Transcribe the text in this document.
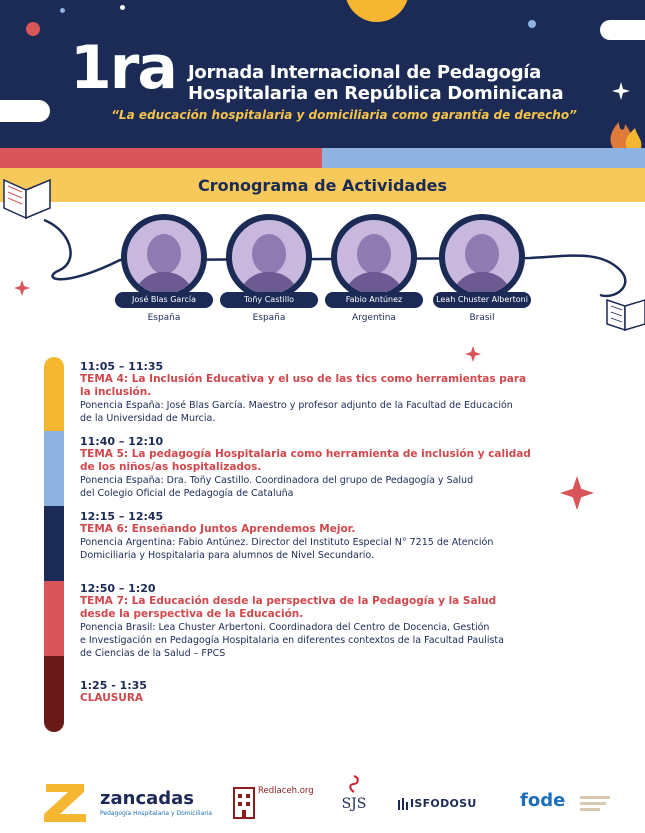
1ra Jornada Internacional de Pedagogía
Hospitalaria en República Dominicana
“La educación hospitalaria y domiciliaria como garantía de derecho”
Cronograma de Actividades
José Blas García
España
Toñy Castillo
España
Fabio Antúnez
Argentina
Leah Chuster Albertoni
Brasil
11:05 – 11:35
TEMA 4: La Inclusión Educativa y el uso de las tics como herramientas para
la inclusión.
Ponencia España: José Blas García. Maestro y profesor adjunto de la Facultad de Educación
de la Universidad de Murcia.
11:40 – 12:10
TEMA 5: La pedagogía Hospitalaria como herramienta de inclusión y calidad
de los niños/as hospitalizados.
Ponencia España: Dra. Toñy Castillo. Coordinadora del grupo de Pedagogía y Salud
del Colegio Oficial de Pedagogía de Cataluña
12:15 – 12:45
TEMA 6: Enseñando Juntos Aprendemos Mejor.
Ponencia Argentina: Fabio Antúnez. Director del Instituto Especial N° 7215 de Atención
Domiciliaria y Hospitalaria para alumnos de Nivel Secundario.
12:50 – 1:20
TEMA 7: La Educación desde la perspectiva de la Pedagogía y la Salud
desde la perspectiva de la Educación.
Ponencia Brasil: Lea Chuster Arbertoni. Coordinadora del Centro de Docencia, Gestión
e Investigación en Pedagogía Hospitalaria en diferentes contextos de la Facultad Paulista
de Ciencias de la Salud – FPCS
1:25 - 1:35
CLAUSURA
zancadas
Pedagogía Hospitalaria y Domiciliaria
Redlaceh.org
SJS	ISFODOSU fode
